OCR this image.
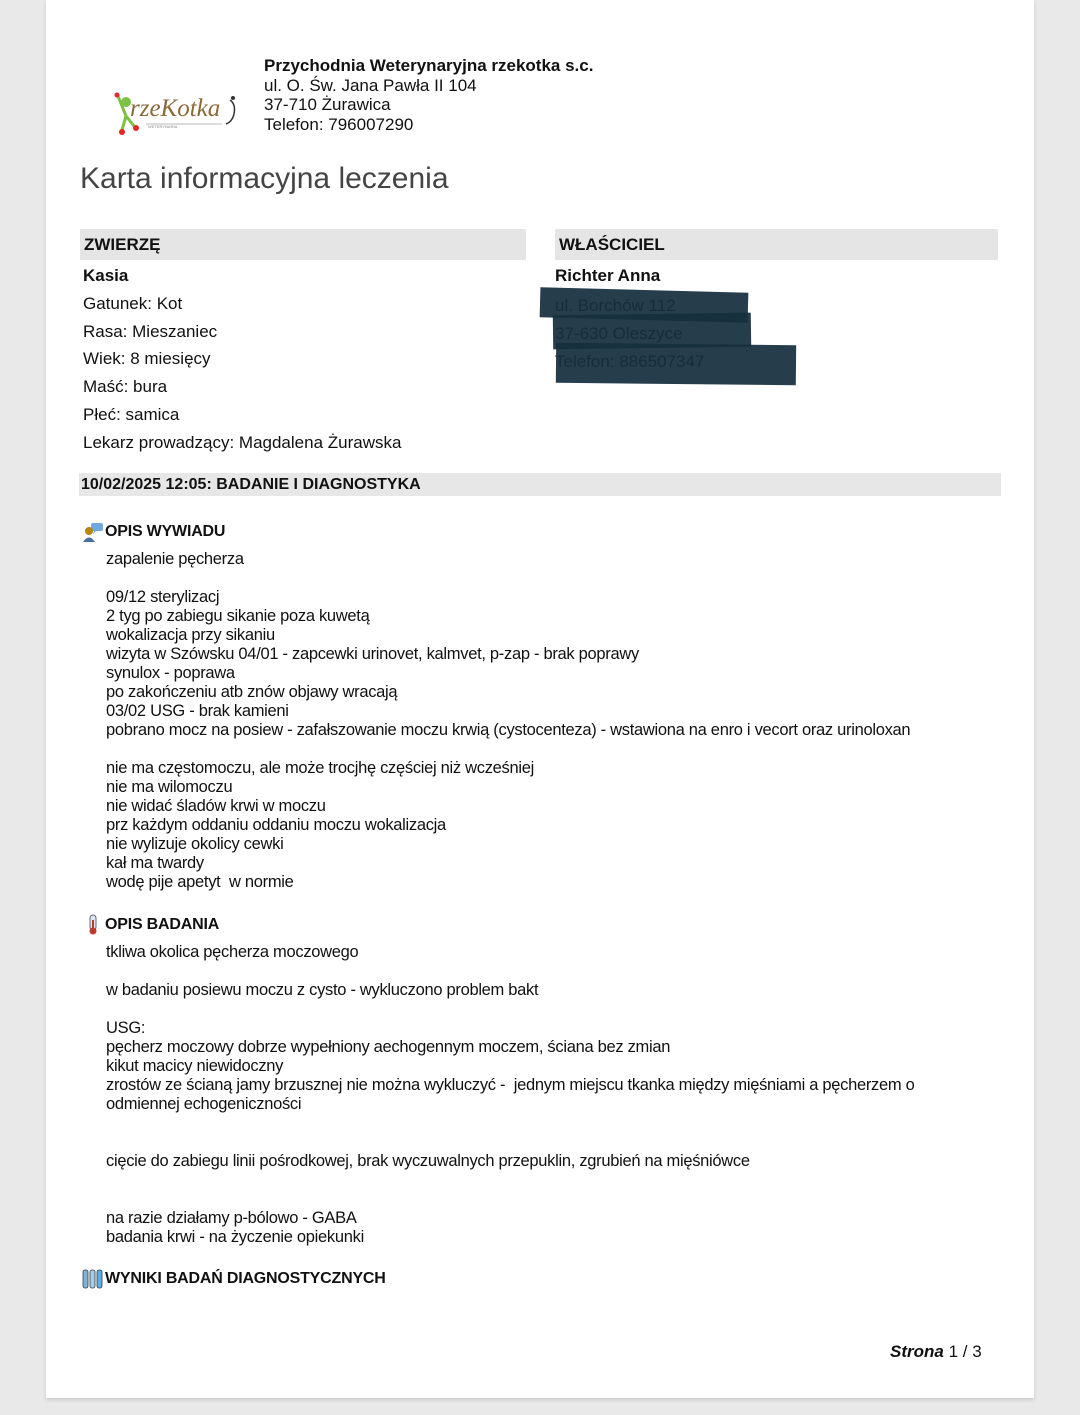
rzeKotka
WETERYNARIA
Przychodnia Weterynaryjna rzekotka s.c.
ul. O. Św. Jana Pawła II 104
37-710 Żurawica
Telefon: 796007290
Karta informacyjna leczenia
ZWIERZĘ
Kasia
Gatunek: Kot
Rasa: Mieszaniec
Wiek: 8 miesięcy
Maść: bura
Płeć: samica
Lekarz prowadzący: Magdalena Żurawska
WŁAŚCICIEL
Richter Anna
10/02/2025 12:05: BADANIE I DIAGNOSTYKA
OPIS WYWIADU
zapalenie pęcherza
09/12 sterylizacj
2 tyg po zabiegu sikanie poza kuwetą
wokalizacja przy sikaniu
wizyta w Szówsku 04/01 - zapcewki urinovet, kalmvet, p-zap - brak poprawy
synulox - poprawa
po zakończeniu atb znów objawy wracają
03/02 USG - brak kamieni
pobrano mocz na posiew - zafałszowanie moczu krwią (cystocenteza) - wstawiona na enro i vecort oraz urinoloxan
nie ma częstomoczu, ale może trocjhę częściej niż wcześniej
nie ma wilomoczu
nie widać śladów krwi w moczu
prz każdym oddaniu oddaniu moczu wokalizacja
nie wylizuje okolicy cewki
kał ma twardy
wodę pije apetyt  w normie
OPIS BADANIA
tkliwa okolica pęcherza moczowego
w badaniu posiewu moczu z cysto - wykluczono problem bakt
USG:
pęcherz moczowy dobrze wypełniony aechogennym moczem, ściana bez zmian
kikut macicy niewidoczny
zrostów ze ścianą jamy brzusznej nie można wykluczyć -  jednym miejscu tkanka między mięśniami a pęcherzem o
odmiennej echogeniczności
cięcie do zabiegu linii pośrodkowej, brak wyczuwalnych przepuklin, zgrubień na mięśniówce
na razie działamy p-bólowo - GABA
badania krwi - na życzenie opiekunki
WYNIKI BADAŃ DIAGNOSTYCZNYCH
Strona 1 / 3
